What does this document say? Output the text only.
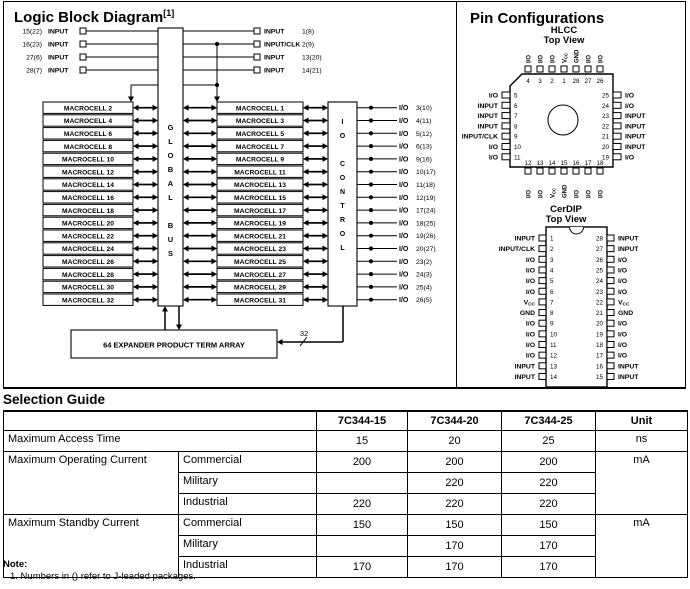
Logic Block Diagram[1]	Pin Configurations
15(22) INPUT
16(23) INPUT
27(6) INPUT
28(7) INPUT
INPUT	1(8)
INPUT/CLK 2(9)
INPUT	13(20)
INPUT	14(21)
G
L
O
B
A
L
B
U
S
I
O
C
O
N
T
R
O
L
MACROCELL 2	MACROCELL 1	I/O 3(10)
MACROCELL 4	MACROCELL 3	I/O 4(11)
MACROCELL 6	MACROCELL 5	I/O 5(12)
MACROCELL 8	MACROCELL 7	I/O 6(13)
MACROCELL 10	MACROCELL 9	I/O 9(16)
MACROCELL 12	MACROCELL 11	I/O 10(17)
MACROCELL 14	MACROCELL 13	I/O 11(18)
MACROCELL 16	MACROCELL 15	I/O 12(19)
MACROCELL 18	MACROCELL 17	I/O 17(24)
MACROCELL 20	MACROCELL 19	I/O 18(25)
MACROCELL 22	MACROCELL 21	I/O 19(26)
MACROCELL 24	MACROCELL 23	I/O 20(27)
MACROCELL 26	MACROCELL 25	I/O 23(2)
MACROCELL 28	MACROCELL 27	I/O 24(3)
MACROCELL 30	MACROCELL 29	I/O 25(4)
MACROCELL 32	MACROCELL 31	I/O 26(5)
64 EXPANDER PRODUCT TERM ARRAY
32
HLCC
Top View
4
I/O
3
I/O
2
I/O
1
VCC
28
GND
27
I/O
26
I/O
12
I/O
13
I/O
14
VCC
15
GND
16
I/O
17
I/O
18
I/O
5
I/O
6
INPUT
7
INPUT
8
INPUT
9
INPUT/CLK
10
I/O
11
I/O
25 I/O
24 I/O
23 INPUT
22 INPUT
21 INPUT
20 INPUT
19 I/O
CerDIP
Top View
1
INPUT
2
INPUT/CLK
3
I/O
4
I/O
5
I/O
6
I/O
7
VCC
8
GND
9
I/O
10
I/O
11
I/O
12
I/O
13
INPUT
14
INPUT
28 INPUT
27 INPUT
26 I/O
25 I/O
24 I/O
23 I/O
22 VCC
21 GND
20 I/O
19 I/O
18 I/O
17 I/O
16 INPUT
15 INPUT
Selection Guide
		7C344-15	7C344-20	7C344-25	Unit
Maximum Access Time		15	20	25	ns
Maximum Operating Current	Commercial	200	200	200	mA
	Military		220	220	
	Industrial	220	220	220	
Maximum Standby Current	Commercial	150	150	150	mA
	Military		170	170	
	Industrial	170	170	170	
Note:
1. Numbers in () refer to J-leaded packages.
